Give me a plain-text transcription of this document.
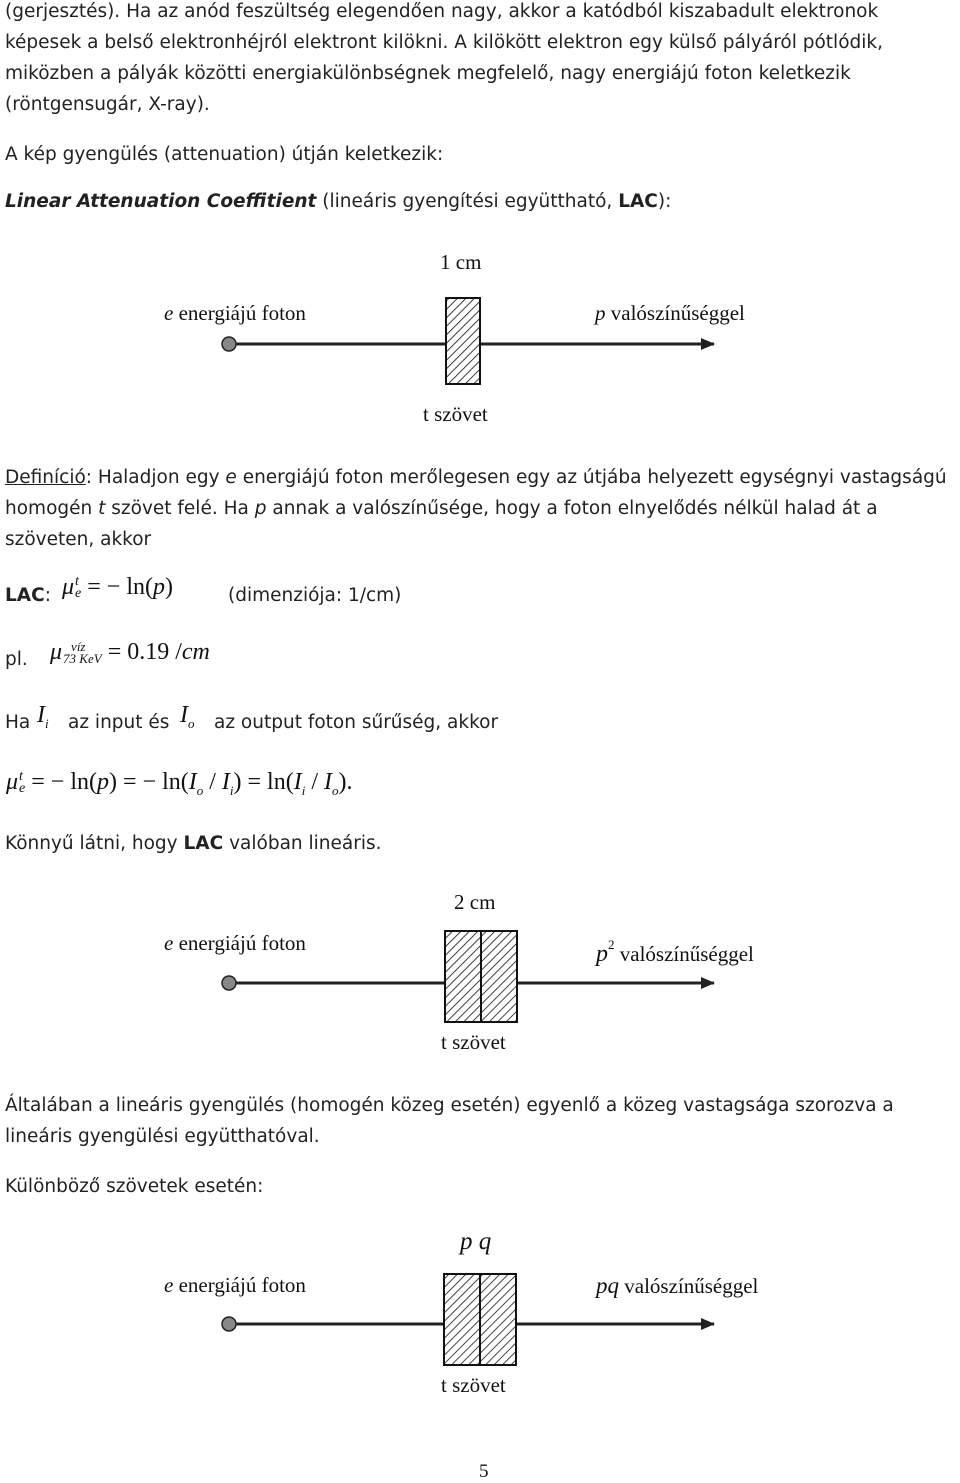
(gerjesztés). Ha az anód feszültség elegendően nagy, akkor a katódból kiszabadult elektronok
képesek a belső elektronhéjról elektront kilökni. A kilökött elektron egy külső pályáról pótlódik,
miközben a pályák közötti energiakülönbségnek megfelelő, nagy energiájú foton keletkezik
(röntgensugár, X-ray).
A kép gyengülés (attenuation) útján keletkezik:
Linear Attenuation Coeffitient (lineáris gyengítési együttható, LAC):
1 cm
e energiájú foton	p valószínűséggel
t szövet
Definíció: Haladjon egy e energiájú foton merőlegesen egy az útjába helyezett egységnyi vastagságú
homogén t szövet felé. Ha p annak a valószínűsége, hogy a foton elnyelődés nélkül halad át a
szöveten, akkor
LAC: μ t
e = − ln(p)	(dimenziója: 1/cm)
pl. μ víz
73 KeV = 0.19 /cm
Ha $I_i$ az input és $I_o$ az output foton sűrűség, akkor
μ t
e = − ln(p) = − $\ln(I_o / I_i) = \ln(I_i / I_o)$.
Könnyű látni, hogy LAC valóban lineáris.
2 cm
e energiájú foton	$p^2$ valószínűséggel
t szövet
Általában a lineáris gyengülés (homogén közeg esetén) egyenlő a közeg vastagsága szorozva a
lineáris gyengülési együtthatóval.
Különböző szövetek esetén:
p q
e energiájú foton	pq valószínűséggel
t szövet
5
